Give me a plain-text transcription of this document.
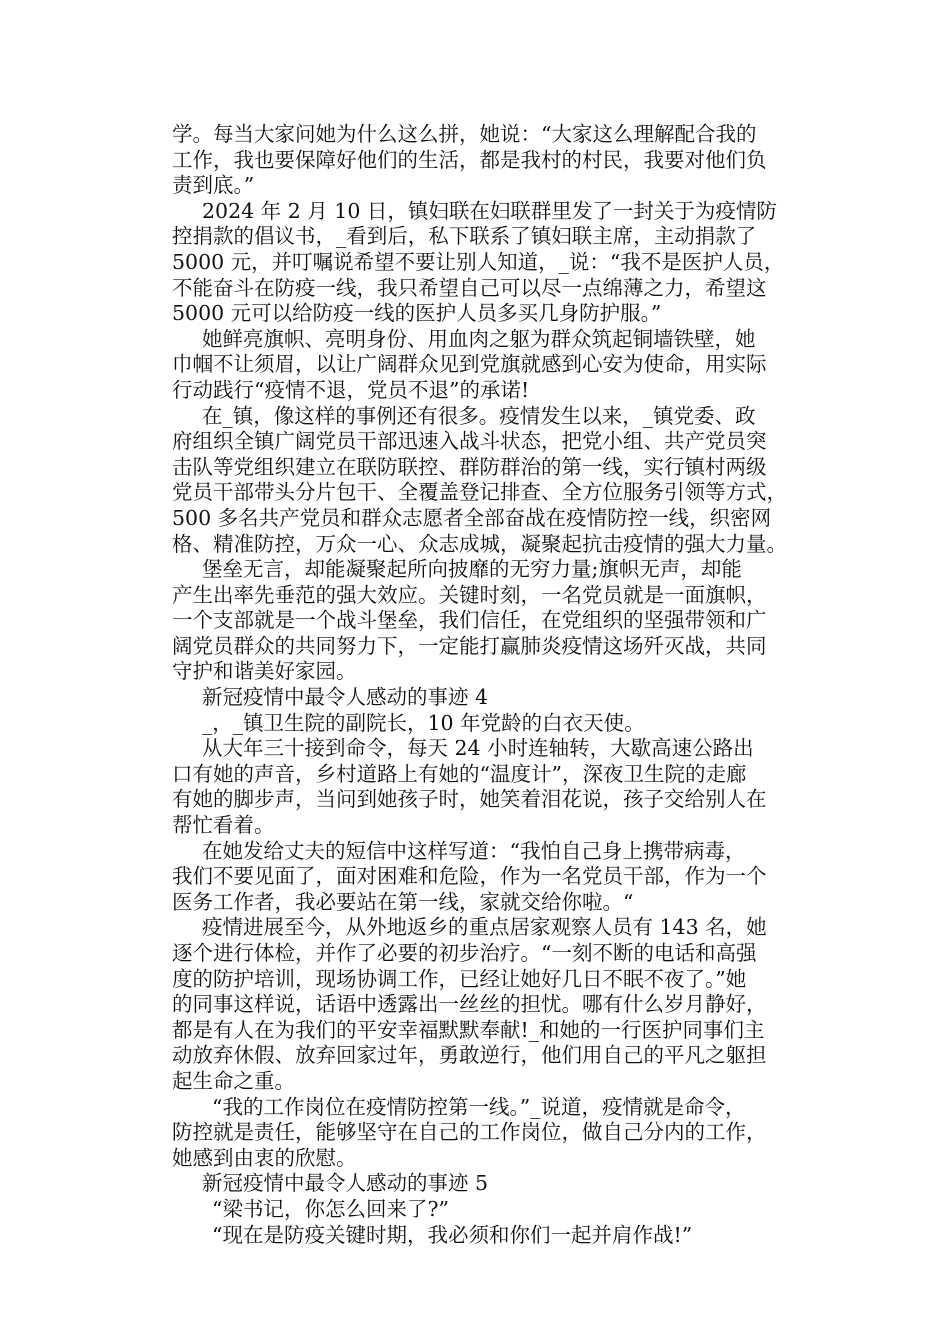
学。每当大家问她为什么这么拼，她说：“大家这么理解配合我的
工作，我也要保障好他们的生活，都是我村的村民，我要对他们负
责到底。”
2024 年 2 月 10 日，镇妇联在妇联群里发了一封关于为疫情防
控捐款的倡议书，_看到后，私下联系了镇妇联主席，主动捐款了
5000 元，并叮嘱说希望不要让别人知道，_说：“我不是医护人员，
不能奋斗在防疫一线，我只希望自己可以尽一点绵薄之力，希望这
5000 元可以给防疫一线的医护人员多买几身防护服。”
她鲜亮旗帜、亮明身份、用血肉之躯为群众筑起铜墙铁壁，她
巾帼不让须眉，以让广阔群众见到党旗就感到心安为使命，用实际
行动践行“疫情不退，党员不退”的承诺!
在_镇，像这样的事例还有很多。疫情发生以来，_镇党委、政
府组织全镇广阔党员干部迅速入战斗状态，把党小组、共产党员突
击队等党组织建立在联防联控、群防群治的第一线，实行镇村两级
党员干部带头分片包干、全覆盖登记排查、全方位服务引领等方式，
500 多名共产党员和群众志愿者全部奋战在疫情防控一线，织密网
格、精准防控，万众一心、众志成城，凝聚起抗击疫情的强大力量。
堡垒无言，却能凝聚起所向披靡的无穷力量;旗帜无声，却能
产生出率先垂范的强大效应。关键时刻，一名党员就是一面旗帜，
一个支部就是一个战斗堡垒，我们信任，在党组织的坚强带领和广
阔党员群众的共同努力下，一定能打赢肺炎疫情这场歼灭战，共同
守护和谐美好家园。
新冠疫情中最令人感动的事迹 4
_，_镇卫生院的副院长，10 年党龄的白衣天使。
从大年三十接到命令，每天 24 小时连轴转，大歇高速公路出
口有她的声音，乡村道路上有她的“温度计”，深夜卫生院的走廊
有她的脚步声，当问到她孩子时，她笑着泪花说，孩子交给别人在
帮忙看着。
在她发给丈夫的短信中这样写道：“我怕自己身上携带病毒，
我们不要见面了，面对困难和危险，作为一名党员干部，作为一个
医务工作者，我必要站在第一线，家就交给你啦。“
疫情进展至今，从外地返乡的重点居家观察人员有 143 名，她
逐个进行体检，并作了必要的初步治疗。“一刻不断的电话和高强
度的防护培训，现场协调工作，已经让她好几日不眠不夜了。”她
的同事这样说，话语中透露出一丝丝的担忧。哪有什么岁月静好，
都是有人在为我们的平安幸福默默奉献!_和她的一行医护同事们主
动放弃休假、放弃回家过年，勇敢逆行，他们用自己的平凡之躯担
起生命之重。
“我的工作岗位在疫情防控第一线。”_说道，疫情就是命令，
防控就是责任，能够坚守在自己的工作岗位，做自己分内的工作，
她感到由衷的欣慰。
新冠疫情中最令人感动的事迹 5
“梁书记，你怎么回来了?”
“现在是防疫关键时期，我必须和你们一起并肩作战!”
